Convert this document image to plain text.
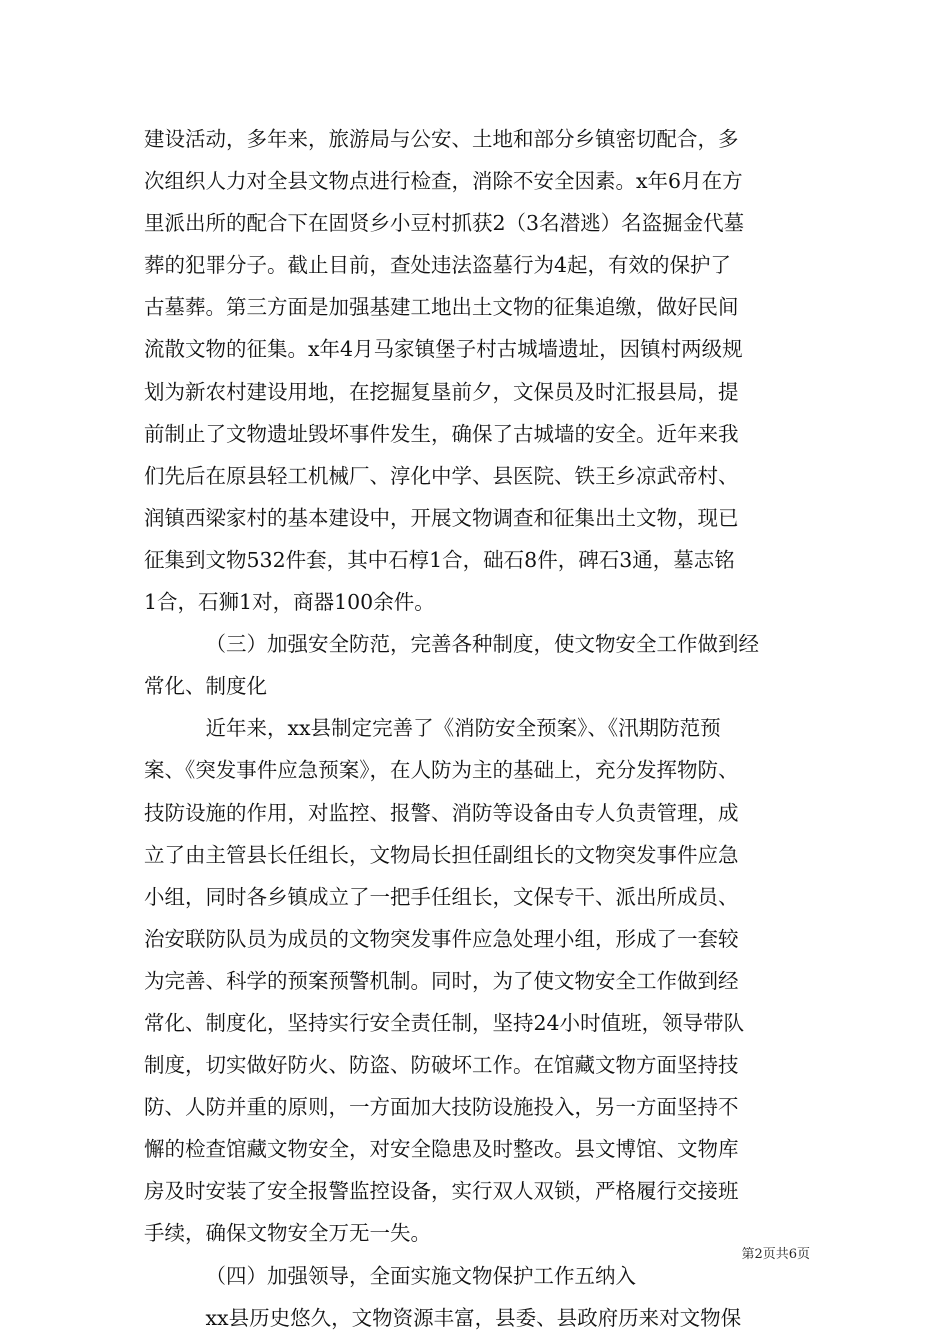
建设活动，多年来，旅游局与公安、土地和部分乡镇密切配合，多
次组织人力对全县文物点进行检查，消除不安全因素。x年6月在方
里派出所的配合下在固贤乡小豆村抓获2（3名潜逃）名盗掘金代墓
葬的犯罪分子。截止目前，查处违法盗墓行为4起，有效的保护了
古墓葬。第三方面是加强基建工地出土文物的征集追缴，做好民间
流散文物的征集。x年4月马家镇堡子村古城墙遗址，因镇村两级规
划为新农村建设用地，在挖掘复垦前夕，文保员及时汇报县局，提
前制止了文物遗址毁坏事件发生，确保了古城墙的安全。近年来我
们先后在原县轻工机械厂、淳化中学、县医院、铁王乡凉武帝村、
润镇西梁家村的基本建设中，开展文物调查和征集出土文物，现已
征集到文物532件套，其中石椁1合，础石8件，碑石3通，墓志铭
1合，石狮1对，商器100余件。
（三）加强安全防范，完善各种制度，使文物安全工作做到经
常化、制度化
近年来，xx县制定完善了《消防安全预案》、《汛期防范预
案、《突发事件应急预案》，在人防为主的基础上，充分发挥物防、
技防设施的作用，对监控、报警、消防等设备由专人负责管理，成
立了由主管县长任组长，文物局长担任副组长的文物突发事件应急
小组，同时各乡镇成立了一把手任组长，文保专干、派出所成员、
治安联防队员为成员的文物突发事件应急处理小组，形成了一套较
为完善、科学的预案预警机制。同时，为了使文物安全工作做到经
常化、制度化，坚持实行安全责任制，坚持24小时值班，领导带队
制度，切实做好防火、防盗、防破坏工作。在馆藏文物方面坚持技
防、人防并重的原则，一方面加大技防设施投入，另一方面坚持不
懈的检查馆藏文物安全，对安全隐患及时整改。县文博馆、文物库
房及时安装了安全报警监控设备，实行双人双锁，严格履行交接班
手续，确保文物安全万无一失。
（四）加强领导，全面实施文物保护工作五纳入
xx县历史悠久，文物资源丰富，县委、县政府历来对文物保
第2页共6页
